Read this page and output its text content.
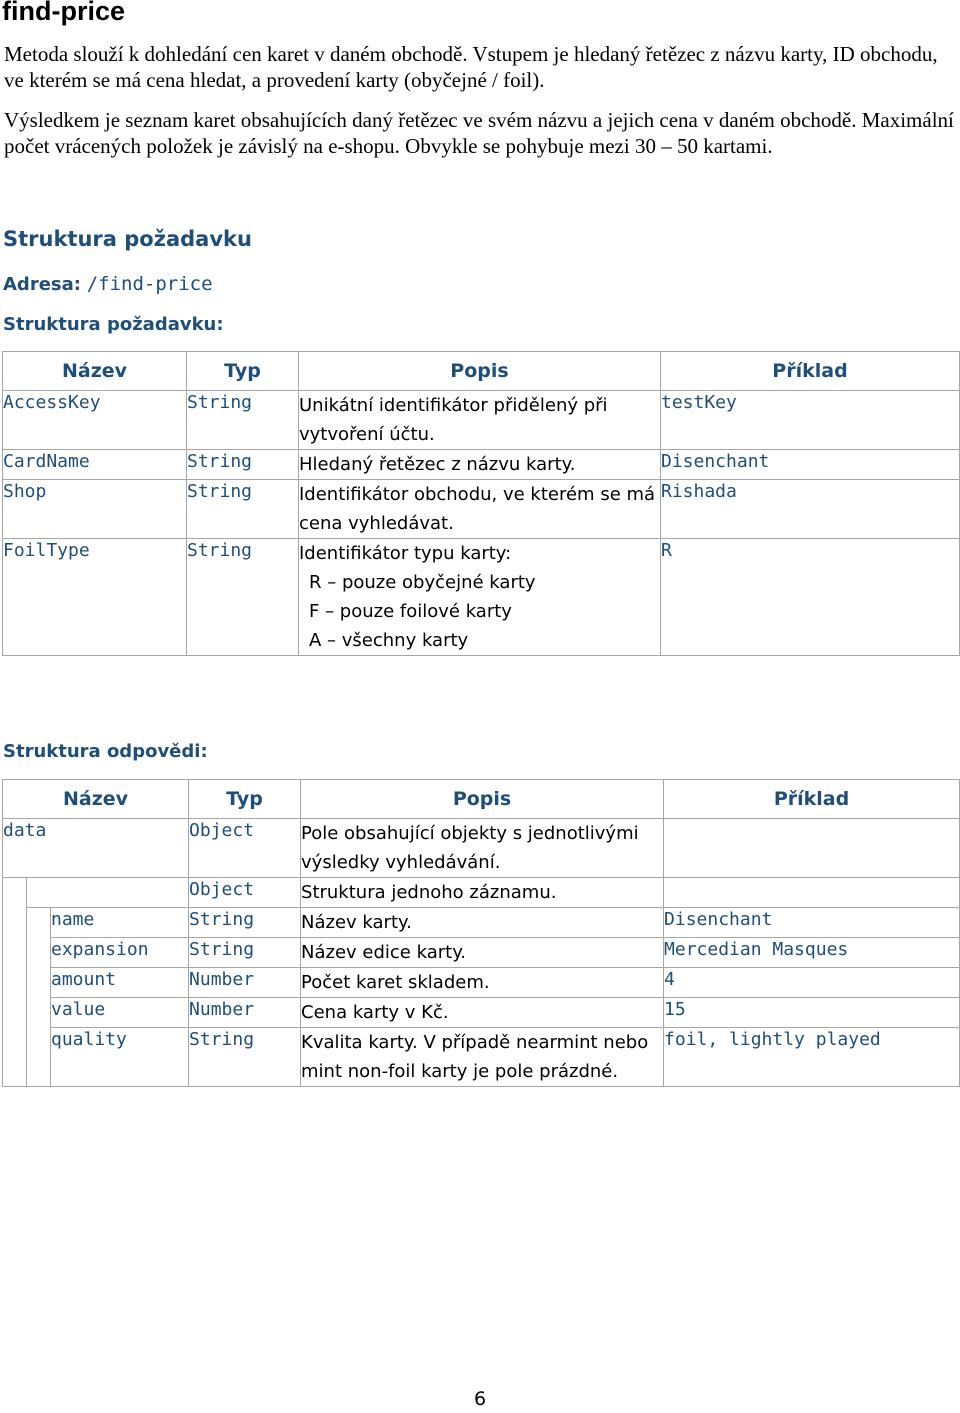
find-price

Metoda slouží k dohledání cen karet v daném obchodě. Vstupem je hledaný řetězec z názvu karty, ID obchodu, ve kterém se má cena hledat, a provedení karty (obyčejné / foil).

Výsledkem je seznam karet obsahujících daný řetězec ve svém názvu a jejich cena v daném obchodě. Maximální počet vrácených položek je závislý na e-shopu. Obvykle se pohybuje mezi 30 – 50 kartami.

Struktura požadavku
Adresa: /find-price
Struktura požadavku:
Název	Typ	Popis	Příklad
AccessKey	String	Unikátní identifikátor přidělený při vytvoření účtu.	testKey
CardName	String	Hledaný řetězec z názvu karty.	Disenchant
Shop	String	Identifikátor obchodu, ve kterém se má cena vyhledávat.	Rishada
FoilType	String	Identifikátor typu karty:
R – pouze obyčejné karty
F – pouze foilové karty
A – všechny karty	R
Struktura odpovědi:
Název			Typ	Popis	Příklad
data			Object	Pole obsahující objekty s jednotlivými výsledky vyhledávání.	
			Object	Struktura jednoho záznamu.	
		name	String	Název karty.	Disenchant
		expansion	String	Název edice karty.	Mercedian Masques
		amount	Number	Počet karet skladem.	4
		value	Number	Cena karty v Kč.	15
		quality	String	Kvalita karty. V případě nearmint nebo mint non-foil karty je pole prázdné.	foil, lightly played
6
